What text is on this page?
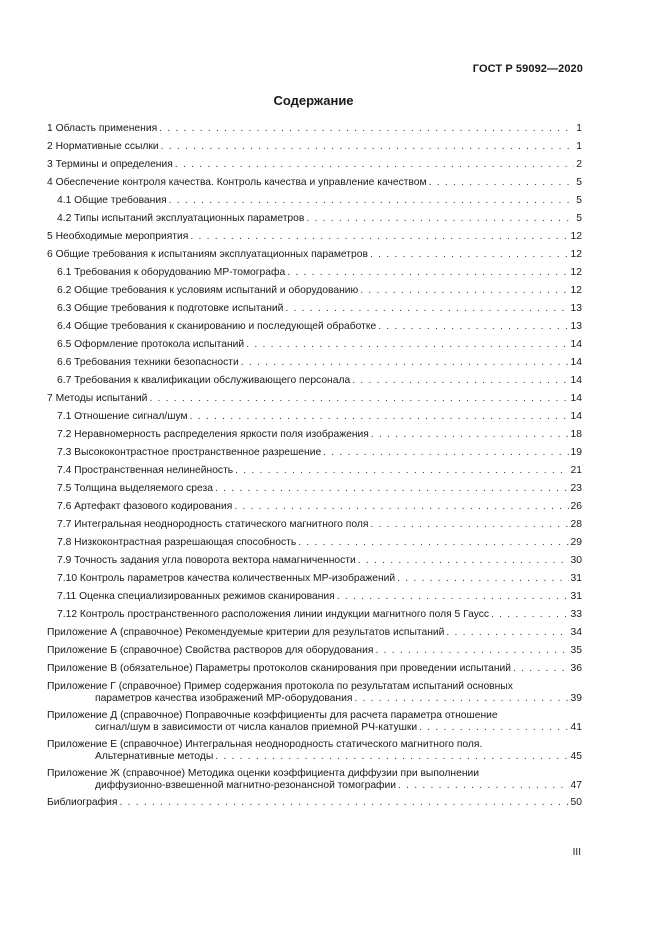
ГОСТ Р 59092—2020
Содержание
1 Область применения . . .	1
2 Нормативные ссылки . . .	1
3 Термины и определения . . .	2
4 Обеспечение контроля качества. Контроль качества и управление качеством . . .	5
4.1 Общие требования . . .	5
4.2 Типы испытаний эксплуатационных параметров . . .	5
5 Необходимые мероприятия . . .	12
6 Общие требования к испытаниям эксплуатационных параметров . . .	12
6.1 Требования к оборудованию МР-томографа . . .	12
6.2 Общие требования к условиям испытаний и оборудованию . . .	12
6.3 Общие требования к подготовке испытаний . . .	13
6.4 Общие требования к сканированию и последующей обработке . . .	13
6.5 Оформление протокола испытаний . . .	14
6.6 Требования техники безопасности . . .	14
6.7 Требования к квалификации обслуживающего персонала . . .	14
7 Методы испытаний . . .	14
7.1 Отношение сигнал/шум . . .	14
7.2 Неравномерность распределения яркости поля изображения . . .	18
7.3 Высококонтрастное пространственное разрешение . . .	19
7.4 Пространственная нелинейность . . .	21
7.5 Толщина выделяемого среза . . .	23
7.6 Артефакт фазового кодирования . . .	26
7.7 Интегральная неоднородность статического магнитного поля . . .	28
7.8 Низкоконтрастная разрешающая способность . . .	29
7.9 Точность задания угла поворота вектора намагниченности . . .	30
7.10 Контроль параметров качества количественных МР-изображений . . .	31
7.11 Оценка специализированных режимов сканирования . . .	31
7.12 Контроль пространственного расположения линии индукции магнитного поля 5 Гаусс . . .	33
Приложение А (справочное) Рекомендуемые критерии для результатов испытаний . . .	34
Приложение Б (справочное) Свойства растворов для оборудования . . .	35
Приложение В (обязательное) Параметры протоколов сканирования при проведении испытаний . . .	36
Приложение Г (справочное) Пример содержания протокола по результатам испытаний основных
параметров качества изображений МР-оборудования . . .	39
Приложение Д (справочное) Поправочные коэффициенты для расчета параметра отношение
сигнал/шум в зависимости от числа каналов приемной РЧ-катушки . . .	41
Приложение Е (справочное) Интегральная неоднородность статического магнитного поля.
Альтернативные методы . . .	45
Приложение Ж (справочное) Методика оценки коэффициента диффузии при выполнении
диффузионно-взвешенной магнитно-резонансной томографии . . .	47
Библиография . . .	50
III
